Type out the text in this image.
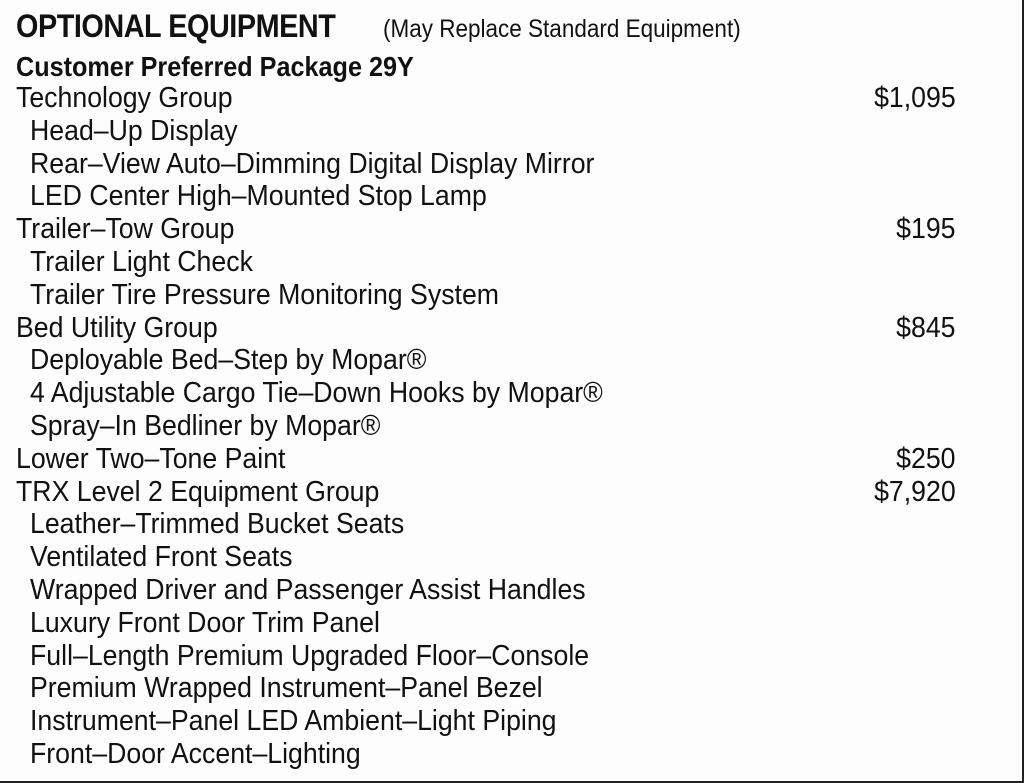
OPTIONAL EQUIPMENT (May Replace Standard Equipment)
Customer Preferred Package 29Y
Technology Group	$1,095
Head–Up Display
Rear–View Auto–Dimming Digital Display Mirror
LED Center High–Mounted Stop Lamp
Trailer–Tow Group	$195
Trailer Light Check
Trailer Tire Pressure Monitoring System
Bed Utility Group	$845
Deployable Bed–Step by Mopar®
4 Adjustable Cargo Tie–Down Hooks by Mopar®
Spray–In Bedliner by Mopar®
Lower Two–Tone Paint	$250
TRX Level 2 Equipment Group	$7,920
Leather–Trimmed Bucket Seats
Ventilated Front Seats
Wrapped Driver and Passenger Assist Handles
Luxury Front Door Trim Panel
Full–Length Premium Upgraded Floor–Console
Premium Wrapped Instrument–Panel Bezel
Instrument–Panel LED Ambient–Light Piping
Front–Door Accent–Lighting
